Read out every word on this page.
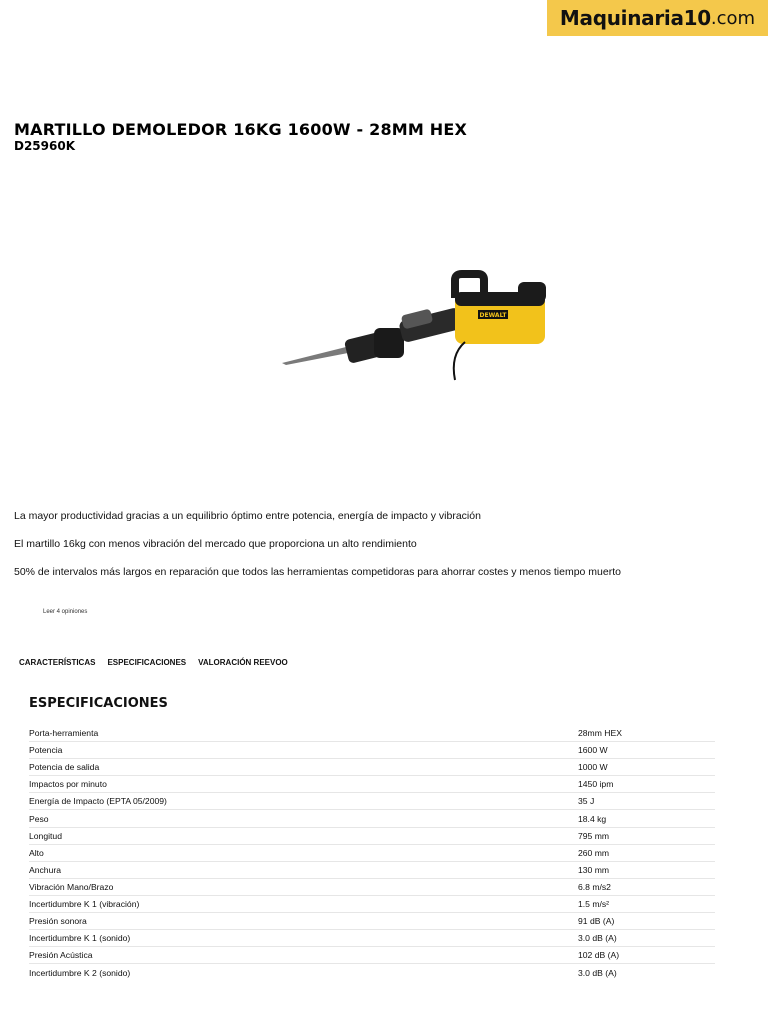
Maquinaria10 .com
MARTILLO DEMOLEDOR 16KG 1600W - 28MM HEX
D25960K
DEWALT
La mayor productividad gracias a un equilibrio óptimo entre potencia, energía de impacto y vibración
El martillo 16kg con menos vibración del mercado que proporciona un alto rendimiento
50% de intervalos más largos en reparación que todos las herramientas competidoras para ahorrar costes y menos tiempo muerto
Leer 4 opiniones
CARACTERÍSTICAS ESPECIFICACIONES VALORACIÓN REEVOO
ESPECIFICACIONES
Porta-herramienta	28mm HEX
Potencia	1600 W
Potencia de salida	1000 W
Impactos por minuto	1450 ipm
Energía de Impacto (EPTA 05/2009)	35 J
Peso	18.4 kg
Longitud	795 mm
Alto	260 mm
Anchura	130 mm
Vibración Mano/Brazo	6.8 m/s2
Incertidumbre K 1 (vibración)	1.5 m/s²
Presión sonora	91 dB (A)
Incertidumbre K 1 (sonido)	3.0 dB (A)
Presión Acústica	102 dB (A)
Incertidumbre K 2 (sonido)	3.0 dB (A)
